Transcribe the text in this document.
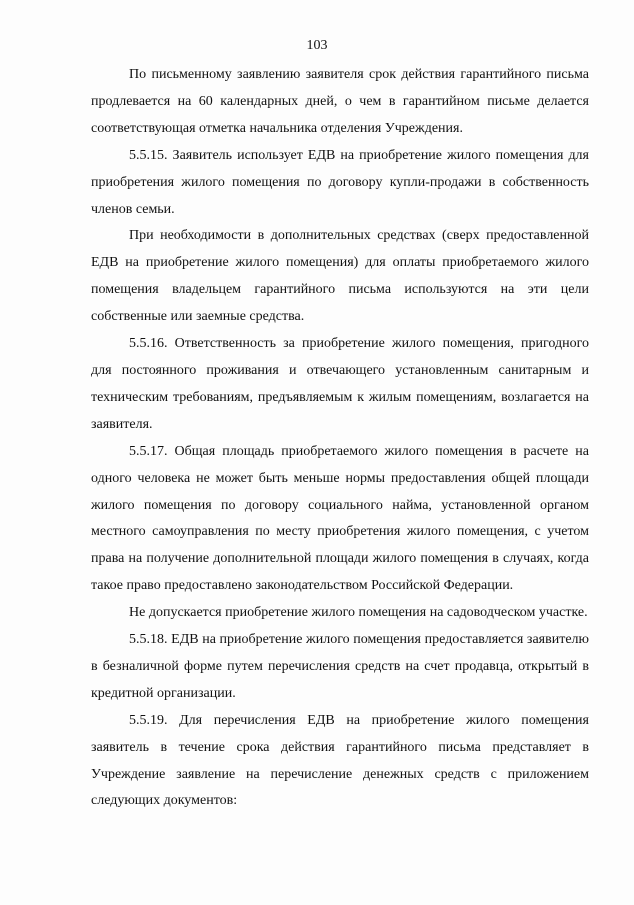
103

По письменному заявлению заявителя срок действия гарантийного письма продлевается на 60 календарных дней, о чем в гарантийном письме делается соответствующая отметка начальника отделения Учреждения.

5.5.15. Заявитель использует ЕДВ на приобретение жилого помещения для приобретения жилого помещения по договору купли-продажи в собственность членов семьи.

При необходимости в дополнительных средствах (сверх предоставленной ЕДВ на приобретение жилого помещения) для оплаты приобретаемого жилого помещения владельцем гарантийного письма используются на эти цели собственные или заемные средства.

5.5.16. Ответственность за приобретение жилого помещения, пригодного для постоянного проживания и отвечающего установленным санитарным и техническим требованиям, предъявляемым к жилым помещениям, возлагается на заявителя.

5.5.17. Общая площадь приобретаемого жилого помещения в расчете на одного человека не может быть меньше нормы предоставления общей площади жилого помещения по договору социального найма, установленной органом местного самоуправления по месту приобретения жилого помещения, с учетом права на получение дополнительной площади жилого помещения в случаях, когда такое право предоставлено законодательством Российской Федерации.

Не допускается приобретение жилого помещения на садоводческом участке.

5.5.18. ЕДВ на приобретение жилого помещения предоставляется заявителю в безналичной форме путем перечисления средств на счет продавца, открытый в кредитной организации.

5.5.19. Для перечисления ЕДВ на приобретение жилого помещения заявитель в течение срока действия гарантийного письма представляет в Учреждение заявление на перечисление денежных средств с приложением следующих документов:
